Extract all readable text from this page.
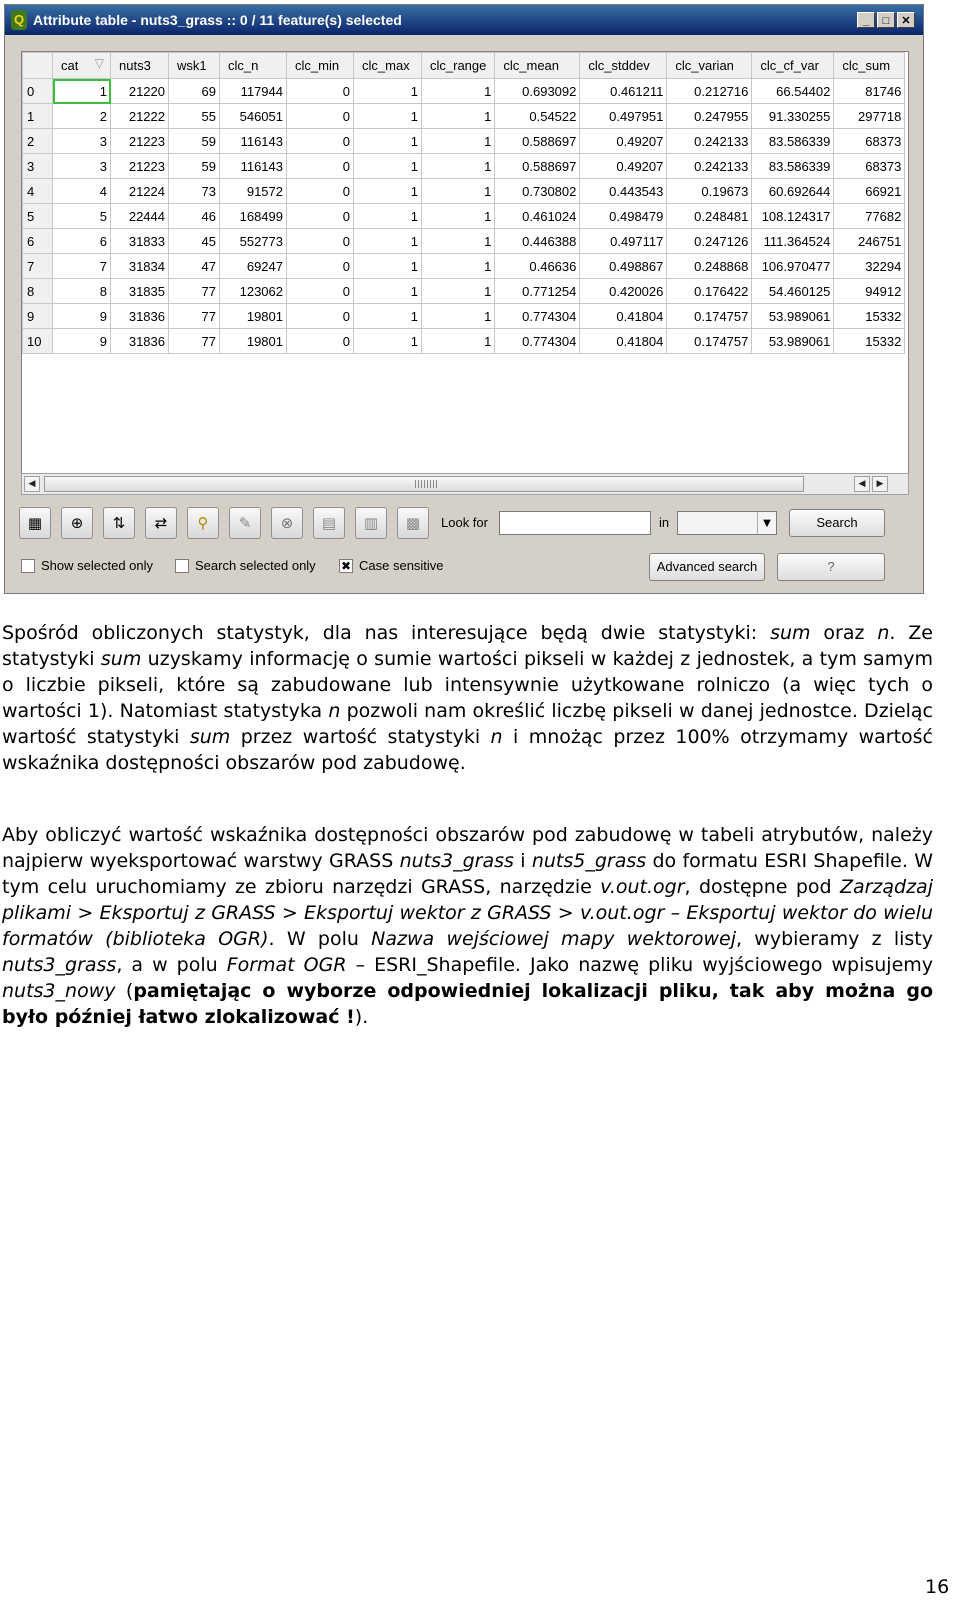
Q Attribute table - nuts3_grass :: 0 / 11 feature(s) selected	_	□	✕
	cat ▽	nuts3	wsk1	clc_n	clc_min	clc_max	clc_range	clc_mean	clc_stddev	clc_varian	clc_cf_var	clc_sum
0	1	21220	69	117944	0	1	1	0.693092	0.461211	0.212716	66.54402	81746
1	2	21222	55	546051	0	1	1	0.54522	0.497951	0.247955	91.330255	297718
2	3	21223	59	116143	0	1	1	0.588697	0.49207	0.242133	83.586339	68373
3	3	21223	59	116143	0	1	1	0.588697	0.49207	0.242133	83.586339	68373
4	4	21224	73	91572	0	1	1	0.730802	0.443543	0.19673	60.692644	66921
5	5	22444	46	168499	0	1	1	0.461024	0.498479	0.248481	108.124317	77682
6	6	31833	45	552773	0	1	1	0.446388	0.497117	0.247126	111.364524	246751
7	7	31834	47	69247	0	1	1	0.46636	0.498867	0.248868	106.970477	32294
8	8	31835	77	123062	0	1	1	0.771254	0.420026	0.176422	54.460125	94912
9	9	31836	77	19801	0	1	1	0.774304	0.41804	0.174757	53.989061	15332
10	9	31836	77	19801	0	1	1	0.774304	0.41804	0.174757	53.989061	15332
◀	◀	▶
▦ ⊕ ⇅ ⇄	⚲	✎ ⊗ ▤ ▥ ▩ Look for	in	▼	Search
Show selected only	Search selected only ✖ Case sensitive	Advanced search	?

Spośród obliczonych statystyk, dla nas interesujące będą dwie statystyki: sum oraz n. Ze statystyki sum uzyskamy informację o sumie wartości pikseli w każdej z jednostek, a tym samym o liczbie pikseli, które są zabudowane lub intensywnie użytkowane rolniczo (a więc tych o wartości 1). Natomiast statystyka n pozwoli nam określić liczbę pikseli w danej jednostce. Dzieląc wartość statystyki sum przez wartość statystyki n i mnożąc przez 100% otrzymamy wartość wskaźnika dostępności obszarów pod zabudowę.

Aby obliczyć wartość wskaźnika dostępności obszarów pod zabudowę w tabeli atrybutów, należy najpierw wyeksportować warstwy GRASS nuts3_grass i nuts5_grass do formatu ESRI Shapefile. W tym celu uruchomiamy ze zbioru narzędzi GRASS, narzędzie v.out.ogr, dostępne pod Zarządzaj plikami > Eksportuj z GRASS > Eksportuj wektor z GRASS > v.out.ogr – Eksportuj wektor do wielu formatów (biblioteka OGR). W polu Nazwa wejściowej mapy wektorowej, wybieramy z listy nuts3_grass, a w polu Format OGR – ESRI_Shapefile. Jako nazwę pliku wyjściowego wpisujemy nuts3_nowy (pamiętając o wyborze odpowiedniej lokalizacji pliku, tak aby można go było później łatwo zlokalizować !).

16
